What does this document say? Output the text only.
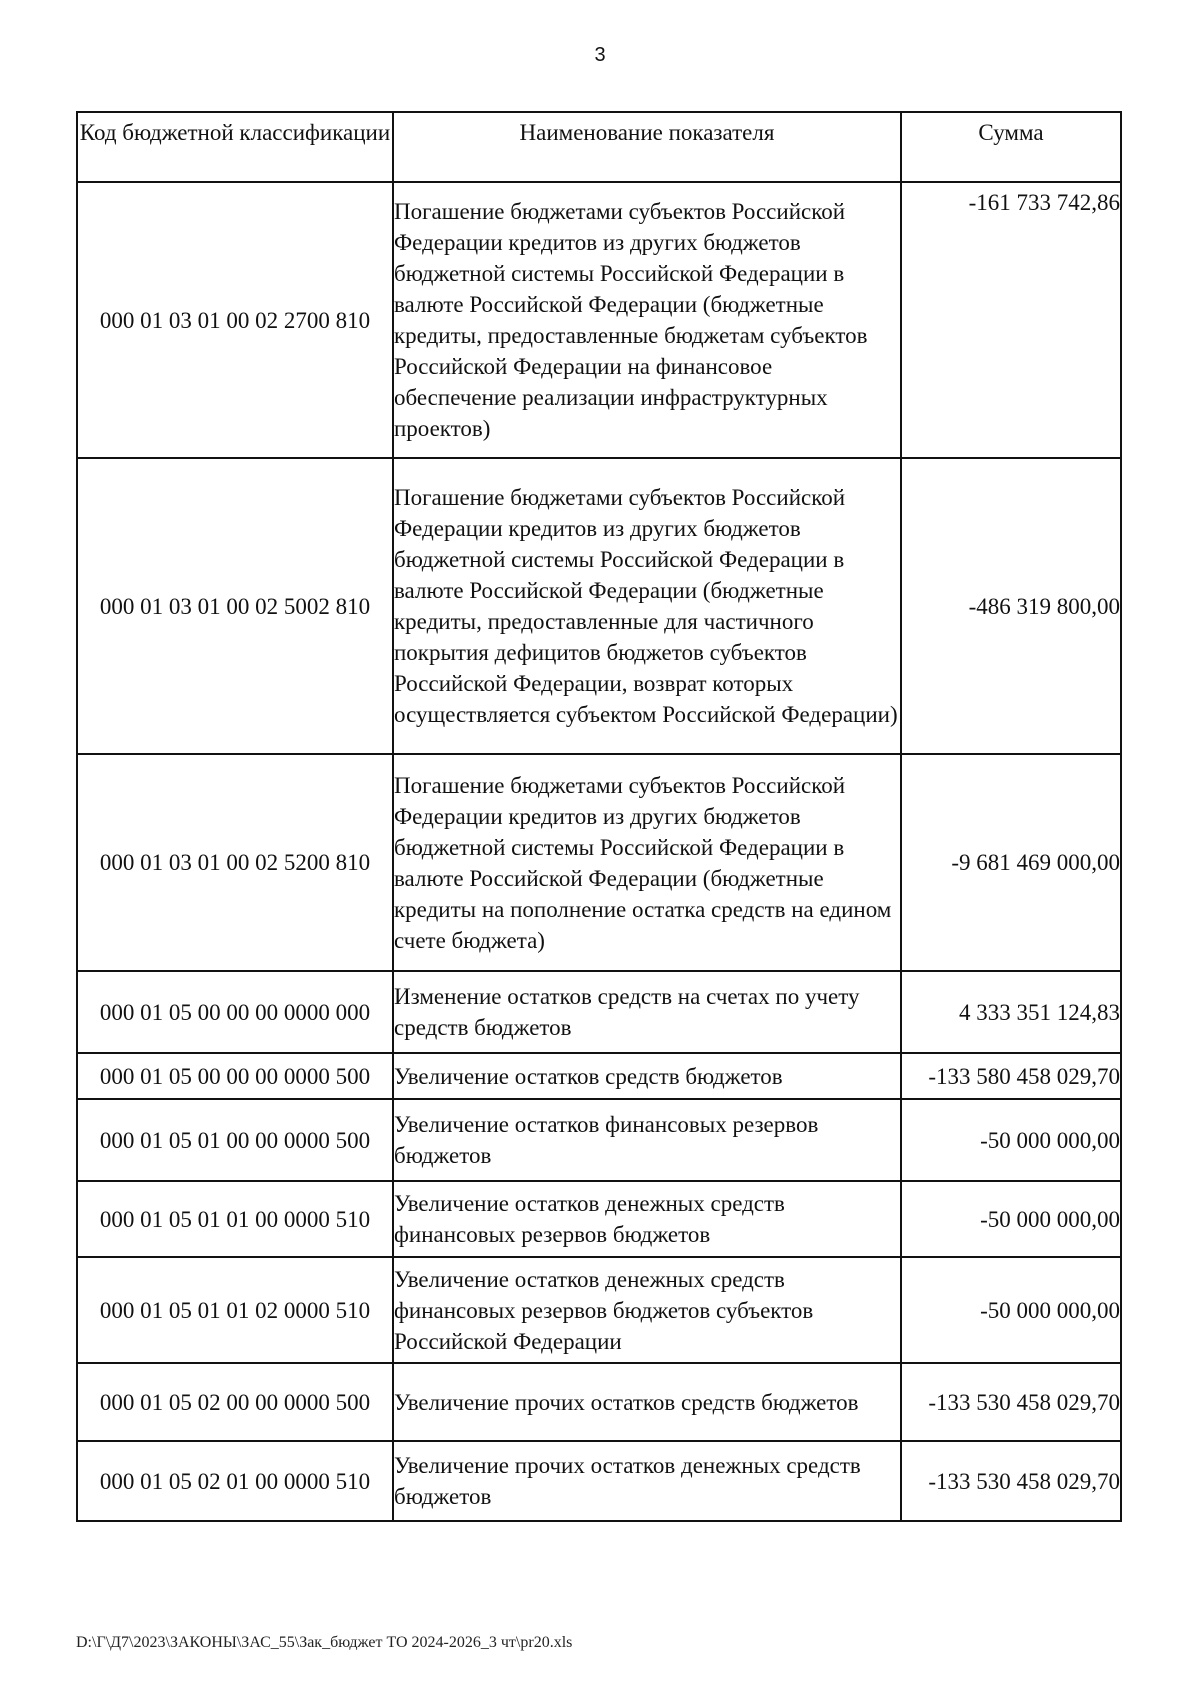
3
Код бюджетной классификации	Наименование показателя	Сумма
000 01 03 01 00 02 2700 810	Погашение бюджетами субъектов Российской Федерации кредитов из других бюджетов бюджетной системы Российской Федерации в валюте Российской Федерации (бюджетные кредиты, предоставленные бюджетам субъектов Российской Федерации на финансовое обеспечение реализации инфраструктурных проектов)	-161 733 742,86
000 01 03 01 00 02 5002 810	Погашение бюджетами субъектов Российской Федерации кредитов из других бюджетов бюджетной системы Российской Федерации в валюте Российской Федерации (бюджетные кредиты, предоставленные для частичного покрытия дефицитов бюджетов субъектов Российской Федерации, возврат которых осуществляется субъектом Российской Федерации)	-486 319 800,00
000 01 03 01 00 02 5200 810	Погашение бюджетами субъектов Российской Федерации кредитов из других бюджетов бюджетной системы Российской Федерации в валюте Российской Федерации (бюджетные кредиты на пополнение остатка средств на едином счете бюджета)	-9 681 469 000,00
000 01 05 00 00 00 0000 000	Изменение остатков средств на счетах по учету средств бюджетов	4 333 351 124,83
000 01 05 00 00 00 0000 500	Увеличение остатков средств бюджетов	-133 580 458 029,70
000 01 05 01 00 00 0000 500	Увеличение остатков финансовых резервов бюджетов	-50 000 000,00
000 01 05 01 01 00 0000 510	Увеличение остатков денежных средств финансовых резервов бюджетов	-50 000 000,00
000 01 05 01 01 02 0000 510	Увеличение остатков денежных средств финансовых резервов бюджетов субъектов Российской Федерации	-50 000 000,00
000 01 05 02 00 00 0000 500	Увеличение прочих остатков средств бюджетов	-133 530 458 029,70
000 01 05 02 01 00 0000 510	Увеличение прочих остатков денежных средств бюджетов	-133 530 458 029,70
D:\Г\Д7\2023\ЗАКОНЫ\ЗАС_55\Зак_бюджет ТО 2024-2026_3 чт\pr20.xls
